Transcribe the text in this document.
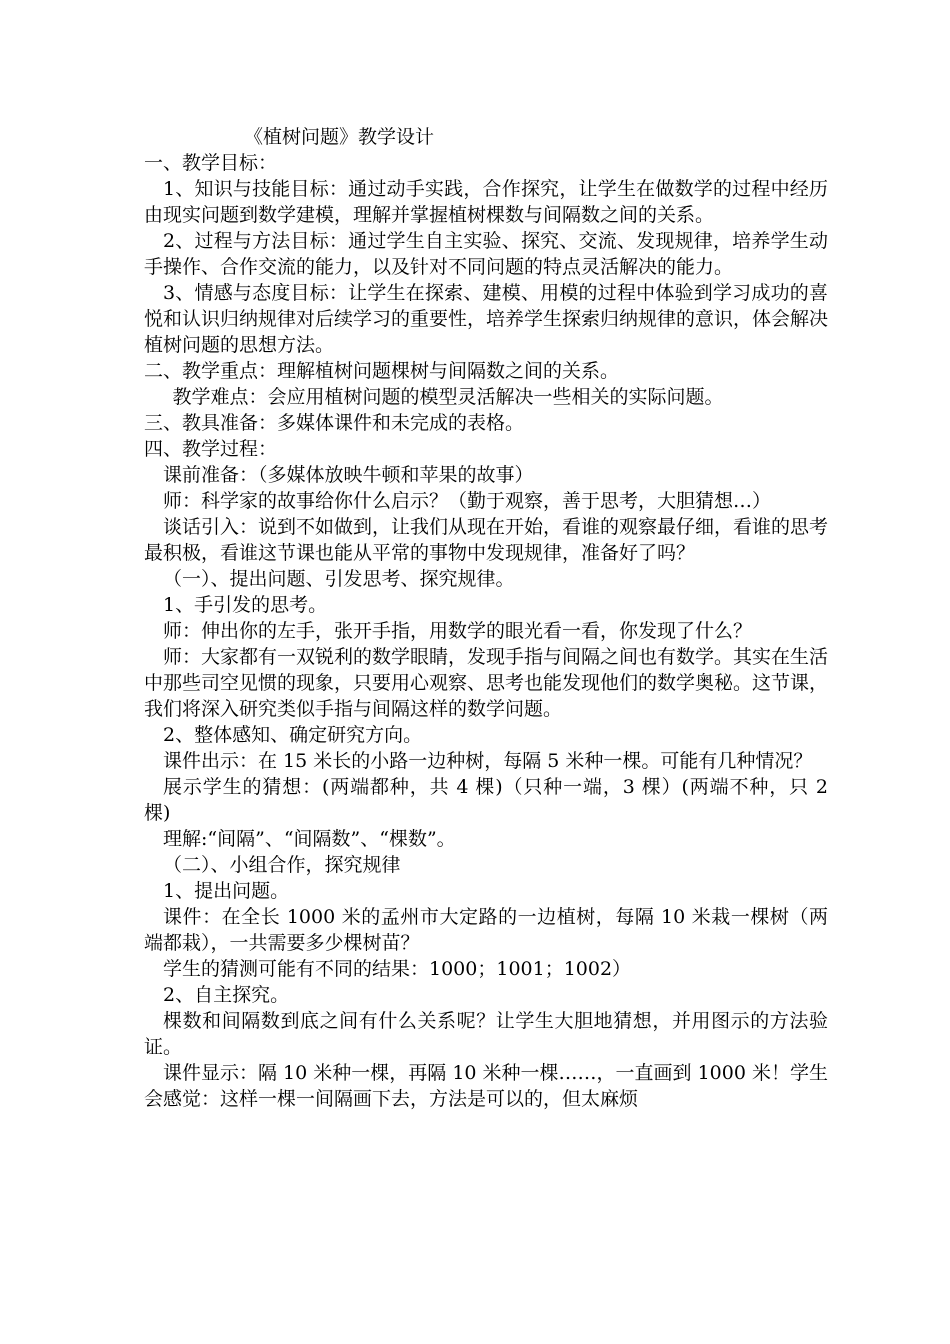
《植树问题》教学设计

一、教学目标：

1、知识与技能目标：通过动手实践，合作探究，让学生在做数学的过程中经历由现实问题到数学建模，理解并掌握植树棵数与间隔数之间的关系。

2、过程与方法目标：通过学生自主实验、探究、交流、发现规律，培养学生动手操作、合作交流的能力，以及针对不同问题的特点灵活解决的能力。

3、情感与态度目标：让学生在探索、建模、用模的过程中体验到学习成功的喜悦和认识归纳规律对后续学习的重要性，培养学生探索归纳规律的意识，体会解决植树问题的思想方法。

二、教学重点：理解植树问题棵树与间隔数之间的关系。

教学难点：会应用植树问题的模型灵活解决一些相关的实际问题。

三、教具准备：多媒体课件和未完成的表格。

四、教学过程：

课前准备：（多媒体放映牛顿和苹果的故事）

师：科学家的故事给你什么启示？（勤于观察，善于思考，大胆猜想…）

谈话引入：说到不如做到，让我们从现在开始，看谁的观察最仔细，看谁的思考最积极，看谁这节课也能从平常的事物中发现规律，准备好了吗？

（一）、提出问题、引发思考、探究规律。

1、手引发的思考。

师：伸出你的左手，张开手指，用数学的眼光看一看，你发现了什么？

师：大家都有一双锐利的数学眼睛，发现手指与间隔之间也有数学。其实在生活中那些司空见惯的现象，只要用心观察、思考也能发现他们的数学奥秘。这节课，我们将深入研究类似手指与间隔这样的数学问题。

2、整体感知、确定研究方向。

课件出示：在 15 米长的小路一边种树，每隔 5 米种一棵。可能有几种情况？

展示学生的猜想：(两端都种，共 4 棵)（只种一端，3 棵）(两端不种，只 2 棵)

理解:“间隔”、“间隔数”、“棵数”。

（二）、小组合作，探究规律

1、提出问题。

课件：在全长 1000 米的孟州市大定路的一边植树，每隔 10 米栽一棵树（两端都栽），一共需要多少棵树苗？

学生的猜测可能有不同的结果：1000；1001；1002）

2、自主探究。

棵数和间隔数到底之间有什么关系呢？让学生大胆地猜想，并用图示的方法验证。

课件显示：隔 10 米种一棵，再隔 10 米种一棵……，一直画到 1000 米！学生会感觉：这样一棵一间隔画下去，方法是可以的，但太麻烦
